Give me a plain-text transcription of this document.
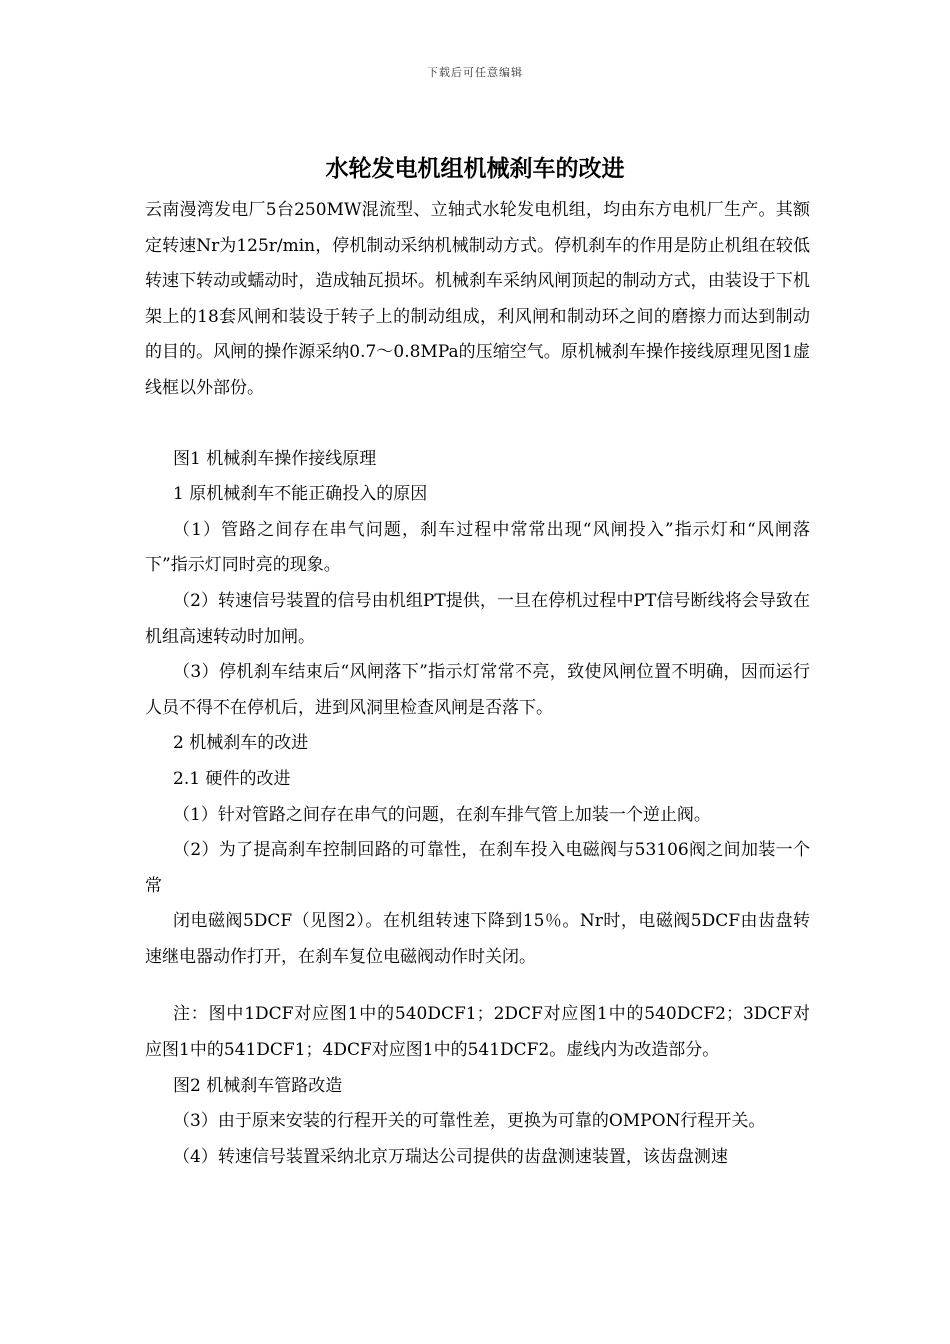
下载后可任意编辑
水轮发电机组机械刹车的改进

云南漫湾发电厂5台250MW混流型、立轴式水轮发电机组，均由东方电机厂生产。其额定转速Nr为125r/min，停机制动采纳机械制动方式。停机刹车的作用是防止机组在较低转速下转动或蠕动时，造成轴瓦损坏。机械刹车采纳风闸顶起的制动方式，由装设于下机架上的18套风闸和装设于转子上的制动组成，利风闸和制动环之间的磨擦力而达到制动的目的。风闸的操作源采纳0.7～0.8MPa的压缩空气。原机械刹车操作接线原理见图1虚线框以外部份。

图1 机械刹车操作接线原理

1 原机械刹车不能正确投入的原因

（1）管路之间存在串气问题，刹车过程中常常出现“风闸投入”指示灯和“风闸落下”指示灯同时亮的现象。

（2）转速信号装置的信号由机组PT提供，一旦在停机过程中PT信号断线将会导致在机组高速转动时加闸。

（3）停机刹车结束后“风闸落下”指示灯常常不亮，致使风闸位置不明确，因而运行人员不得不在停机后，进到风洞里检查风闸是否落下。

2 机械刹车的改进

2.1 硬件的改进

（1）针对管路之间存在串气的问题，在刹车排气管上加装一个逆止阀。

（2）为了提高刹车控制回路的可靠性，在刹车投入电磁阀与53106阀之间加装一个常

闭电磁阀5DCF（见图2）。在机组转速下降到15％。Nr时，电磁阀5DCF由齿盘转速继电器动作打开，在刹车复位电磁阀动作时关闭。

注：图中1DCF对应图1中的540DCF1；2DCF对应图1中的540DCF2；3DCF对应图1中的541DCF1；4DCF对应图1中的541DCF2。虚线内为改造部分。

图2 机械刹车管路改造

（3）由于原来安装的行程开关的可靠性差，更换为可靠的OMPON行程开关。

（4）转速信号装置采纳北京万瑞达公司提供的齿盘测速装置，该齿盘测速
